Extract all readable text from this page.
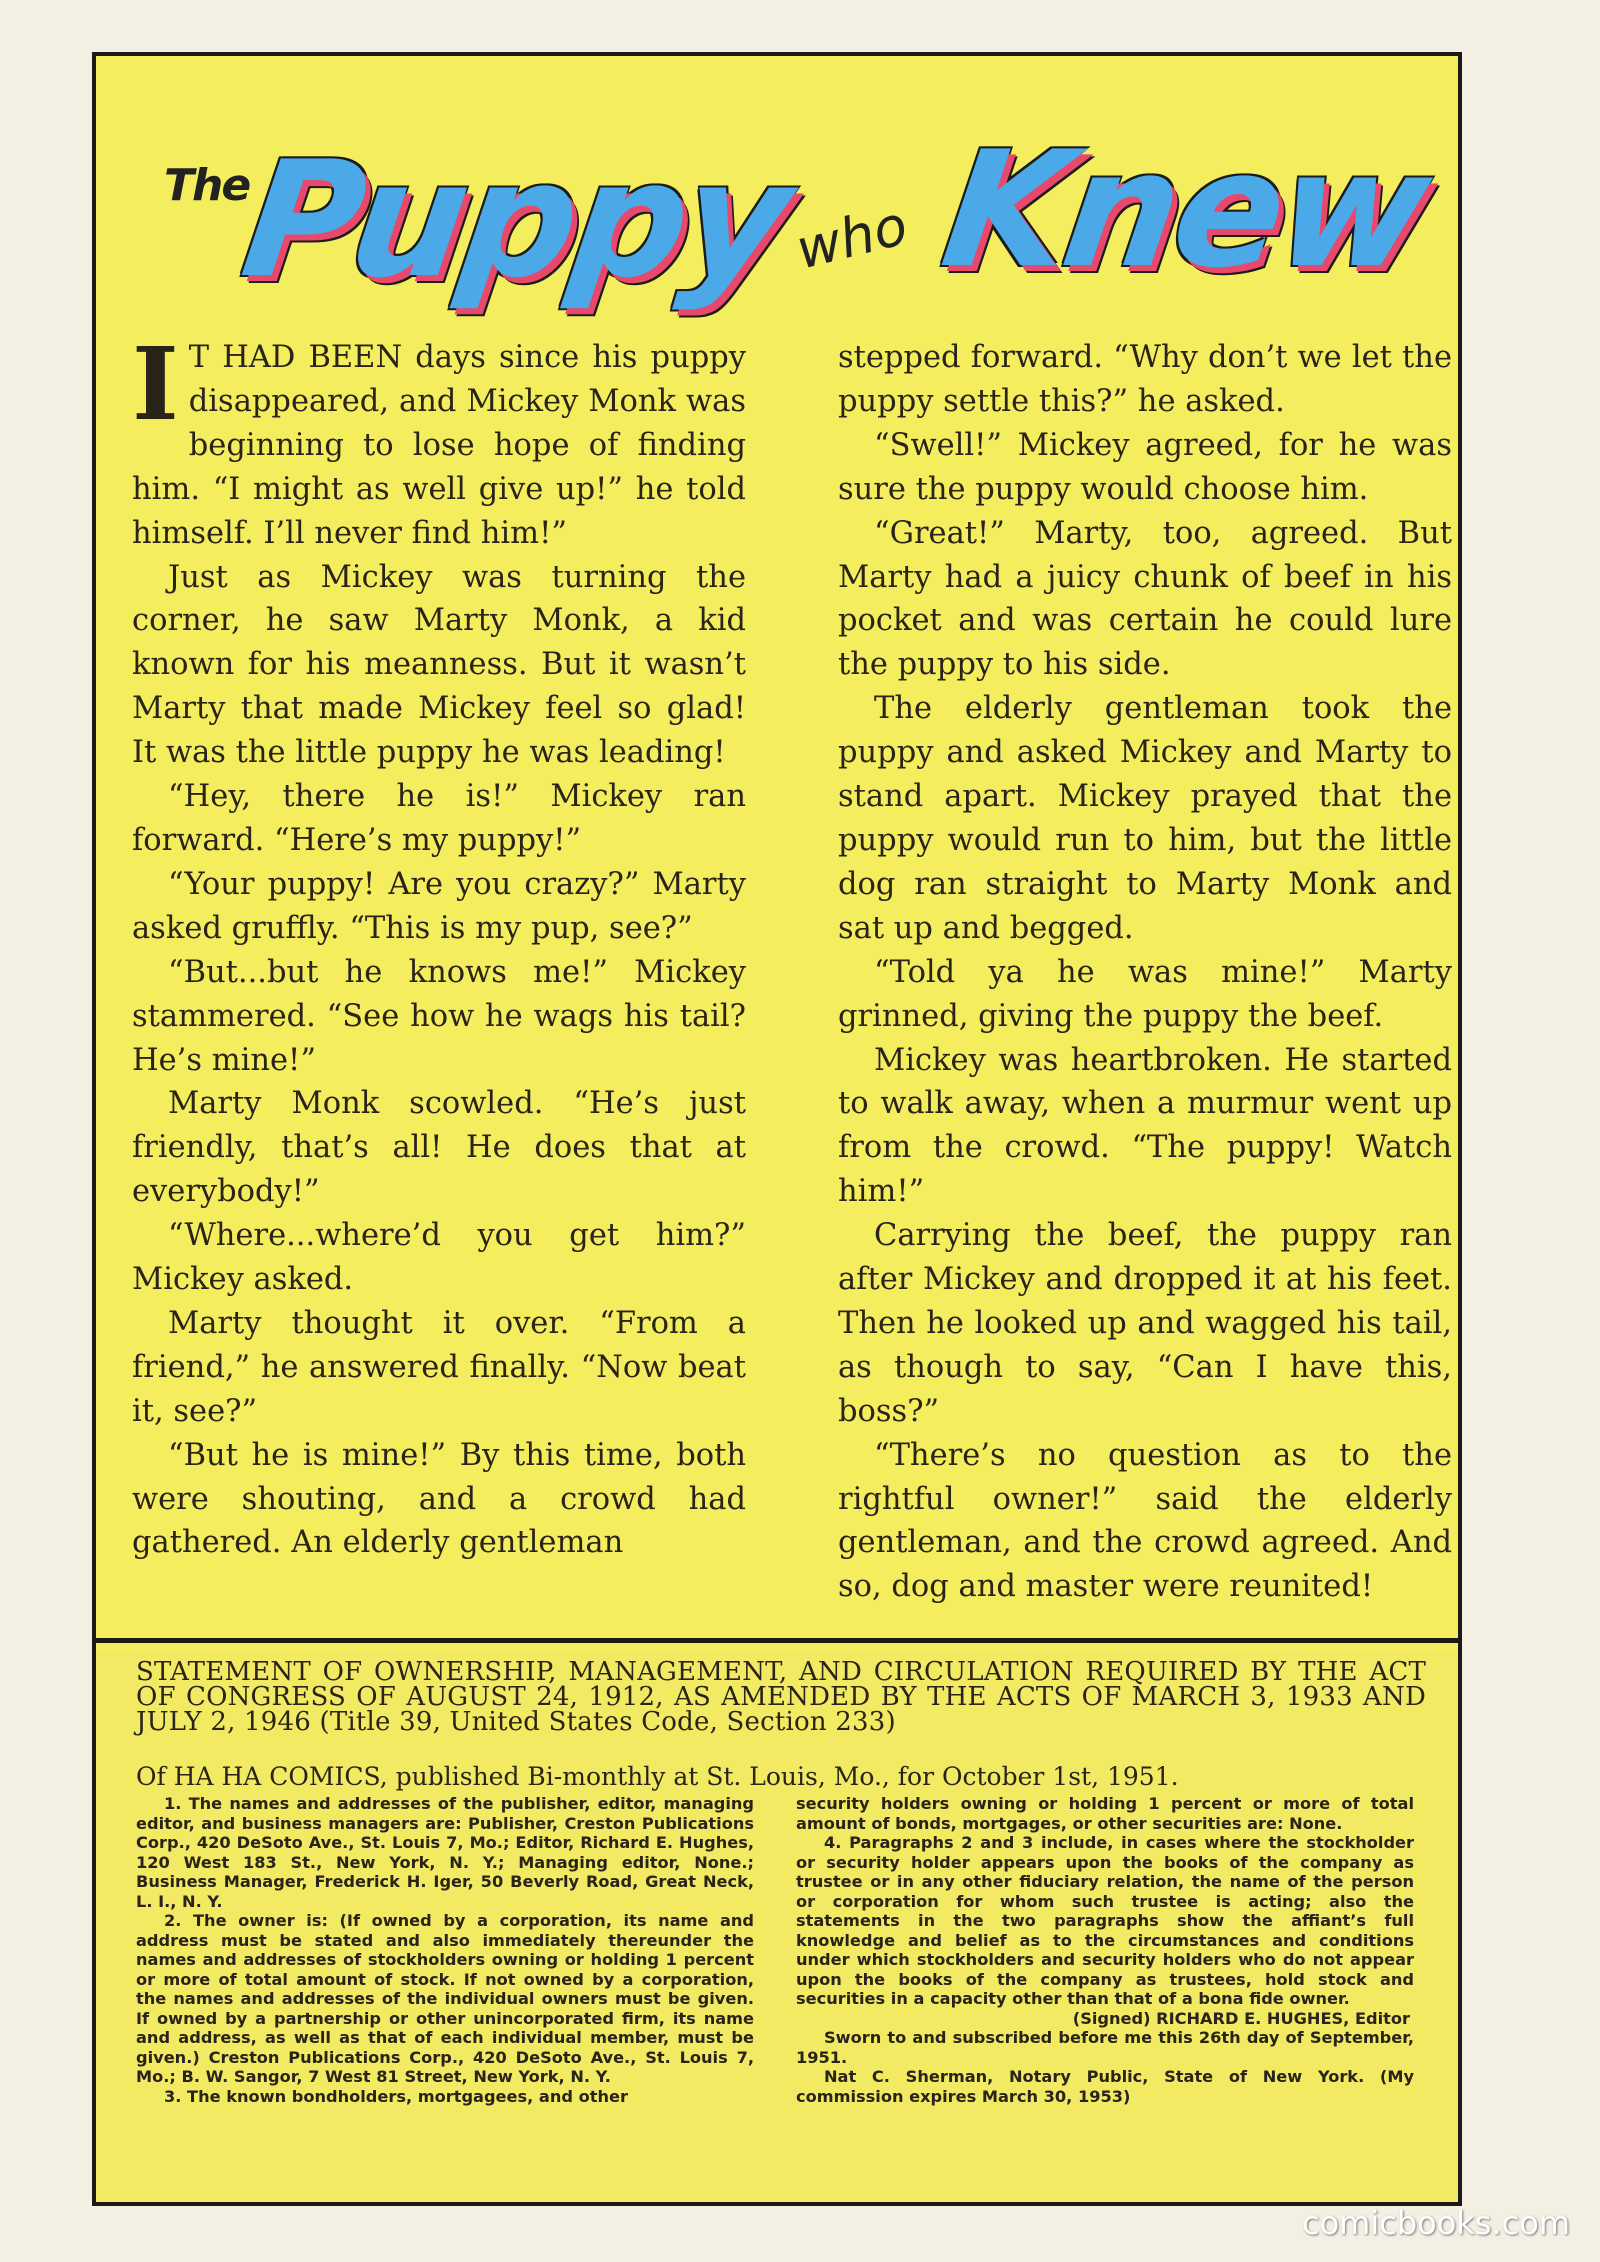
The
Puppy
who Knew

I T HAD BEEN days since his puppy disappeared, and Mickey Monk was beginning to lose hope of finding him. “I might as well give up!” he told himself. I’ll never find him!”

Just as Mickey was turning the corner, he saw Marty Monk, a kid known for his meanness. But it wasn’t Marty that made Mickey feel so glad! It was the little puppy he was leading!

“Hey, there he is!” Mickey ran forward. “Here’s my puppy!”

“Your puppy! Are you crazy?” Marty asked gruffly. “This is my pup, see?”

“But...but he knows me!” Mickey stammered. “See how he wags his tail? He’s mine!”

Marty Monk scowled. “He’s just friendly, that’s all! He does that at everybody!”

“Where...where’d you get him?” Mickey asked.

Marty thought it over. “From a friend,” he answered finally. “Now beat it, see?”

“But he is mine!” By this time, both were shouting, and a crowd had gathered. An elderly gentleman

stepped forward. “Why don’t we let the puppy settle this?” he asked.

“Swell!” Mickey agreed, for he was sure the puppy would choose him.

“Great!” Marty, too, agreed. But Marty had a juicy chunk of beef in his pocket and was certain he could lure the puppy to his side.

The elderly gentleman took the puppy and asked Mickey and Marty to stand apart. Mickey prayed that the puppy would run to him, but the little dog ran straight to Marty Monk and sat up and begged.

“Told ya he was mine!” Marty grinned, giving the puppy the beef.

Mickey was heartbroken. He started to walk away, when a murmur went up from the crowd. “The puppy! Watch him!”

Carrying the beef, the puppy ran after Mickey and dropped it at his feet. Then he looked up and wagged his tail, as though to say, “Can I have this, boss?”

“There’s no question as to the rightful owner!” said the elderly gentleman, and the crowd agreed. And so, dog and master were reunited!

STATEMENT OF OWNERSHIP, MANAGEMENT, AND CIRCULATION REQUIRED BY THE ACT OF CONGRESS OF AUGUST 24, 1912, AS AMENDED BY THE ACTS OF MARCH 3, 1933 AND JULY 2, 1946 (Title 39, United States Code, Section 233)
Of HA HA COMICS, published Bi-monthly at St. Louis, Mo., for October 1st, 1951.

1. The names and addresses of the publisher, editor, managing editor, and business managers are: Publisher, Creston Publications Corp., 420 DeSoto Ave., St. Louis 7, Mo.; Editor, Richard E. Hughes, 120 West 183 St., New York, N. Y.; Managing editor, None.; Business Manager, Frederick H. Iger, 50 Beverly Road, Great Neck, L. I., N. Y.

2. The owner is: (If owned by a corporation, its name and address must be stated and also immediately thereunder the names and addresses of stockholders owning or holding 1 percent or more of total amount of stock. If not owned by a corporation, the names and addresses of the individual owners must be given. If owned by a partnership or other unincorporated firm, its name and address, as well as that of each individual member, must be given.) Creston Publications Corp., 420 DeSoto Ave., St. Louis 7, Mo.; B. W. Sangor, 7 West 81 Street, New York, N. Y.

3. The known bondholders, mortgagees, and other

security holders owning or holding 1 percent or more of total amount of bonds, mortgages, or other securities are: None.

4. Paragraphs 2 and 3 include, in cases where the stockholder or security holder appears upon the books of the company as trustee or in any other fiduciary relation, the name of the person or corporation for whom such trustee is acting; also the statements in the two paragraphs show the affiant’s full knowledge and belief as to the circumstances and conditions under which stockholders and security holders who do not appear upon the books of the company as trustees, hold stock and securities in a capacity other than that of a bona fide owner.

(Signed) RICHARD E. HUGHES, Editor

Sworn to and subscribed before me this 26th day of September, 1951.

Nat C. Sherman, Notary Public, State of New York. (My commission expires March 30, 1953)

comicbooks.com
